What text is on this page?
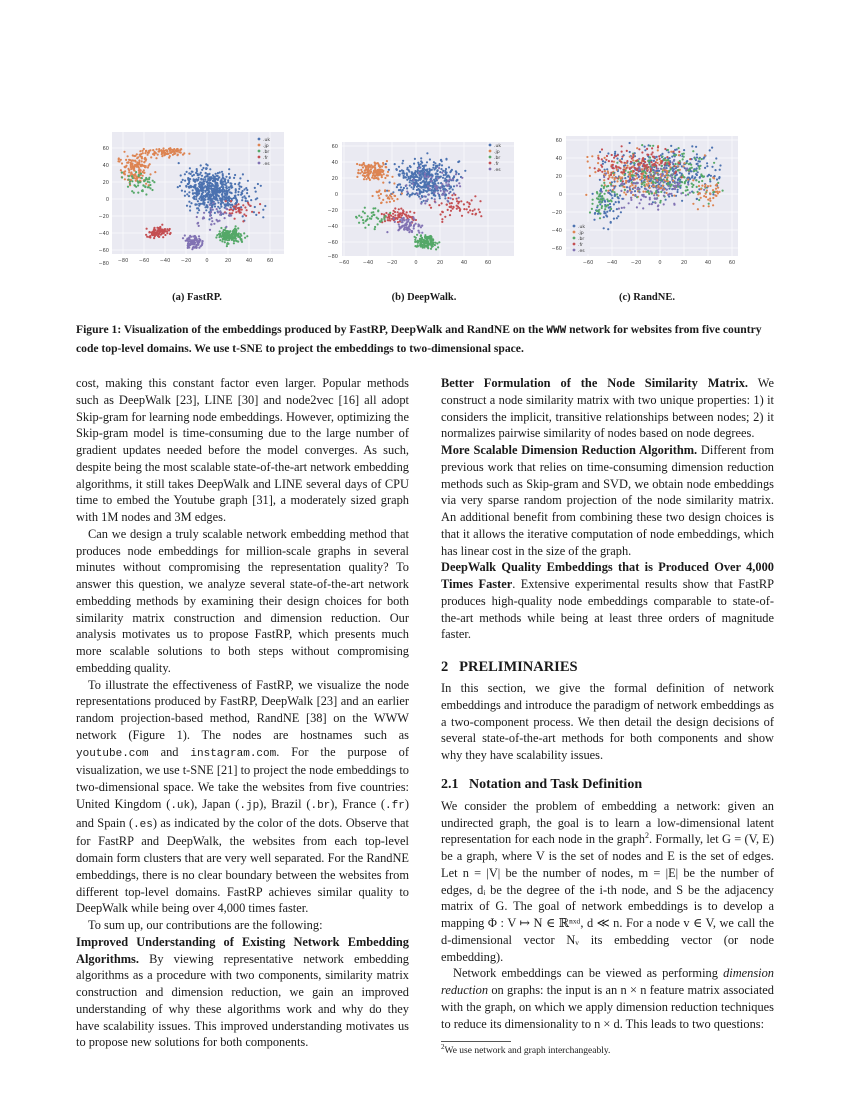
60
40
20
0
−20
−40
−60
−80 −80 −60 −40 −20	0	20	40	60
.uk
.jp
.br
.fr
.es
60
40
20
0
−20
−40
−60
−80
−60	−40	−20	0	20	40	60
.uk
.jp
.br
.fr
.es
60
40
20
0
−20
−40
−60
−60	−40	−20	0	20	40	60
.uk
.jp
.br
.fr
.es
(a) FastRP.	(b) DeepWalk.	(c) RandNE.
Figure 1: Visualization of the embeddings produced by FastRP, DeepWalk and RandNE on the WWW network for websites from five country code top-level domains. We use t-SNE to project the embeddings to two-dimensional space.

cost, making this constant factor even larger. Popular methods such as DeepWalk [23], LINE [30] and node2vec [16] all adopt Skip-gram for learning node embeddings. However, optimizing the Skip-gram model is time-consuming due to the large number of gradient updates needed before the model converges. As such, despite being the most scalable state-of-the-art network embedding algorithms, it still takes DeepWalk and LINE several days of CPU time to embed the Youtube graph [31], a moderately sized graph with 1M nodes and 3M edges.

Can we design a truly scalable network embedding method that produces node embeddings for million-scale graphs in several minutes without compromising the representation quality? To answer this question, we analyze several state-of-the-art network embedding methods by examining their design choices for both similarity matrix construction and dimension reduction. Our analysis motivates us to propose FastRP, which presents much more scalable solutions to both steps without compromising embedding quality.

To illustrate the effectiveness of FastRP, we visualize the node representations produced by FastRP, DeepWalk [23] and an earlier random projection-based method, RandNE [38] on the WWW network (Figure 1). The nodes are hostnames such as youtube.com and instagram.com. For the purpose of visualization, we use t-SNE [21] to project the node embeddings to two-dimensional space. We take the websites from five countries: United Kingdom (.uk), Japan (.jp), Brazil (.br), France (.fr) and Spain (.es) as indicated by the color of the dots. Observe that for FastRP and DeepWalk, the websites from each top-level domain form clusters that are very well separated. For the RandNE embeddings, there is no clear boundary between the websites from different top-level domains. FastRP achieves similar quality to DeepWalk while being over 4,000 times faster.

To sum up, our contributions are the following:

Improved Understanding of Existing Network Embedding Algorithms. By viewing representative network embedding algorithms as a procedure with two components, similarity matrix construction and dimension reduction, we gain an improved understanding of why these algorithms work and why do they have scalability issues. This improved understanding motivates us to propose new solutions for both components.

Better Formulation of the Node Similarity Matrix. We construct a node similarity matrix with two unique properties: 1) it considers the implicit, transitive relationships between nodes; 2) it normalizes pairwise similarity of nodes based on node degrees.

More Scalable Dimension Reduction Algorithm. Different from previous work that relies on time-consuming dimension reduction methods such as Skip-gram and SVD, we obtain node embeddings via very sparse random projection of the node similarity matrix. An additional benefit from combining these two design choices is that it allows the iterative computation of node embeddings, which has linear cost in the size of the graph.

DeepWalk Quality Embeddings that is Produced Over 4,000 Times Faster. Extensive experimental results show that FastRP produces high-quality node embeddings comparable to state-of-the-art methods while being at least three orders of magnitude faster.

2 PRELIMINARIES

In this section, we give the formal definition of network embeddings and introduce the paradigm of network embeddings as a two-component process. We then detail the design decisions of several state-of-the-art methods for both components and show why they have scalability issues.

2.1 Notation and Task Definition

We consider the problem of embedding a network: given an undirected graph, the goal is to learn a low-dimensional latent representation for each node in the graph$^2$. Formally, let G = (V, E) be a graph, where V is the set of nodes and E is the set of edges. Let n = |V| be the number of nodes, m = |E| be the number of edges, dᵢ be the degree of the i-th node, and S be the adjacency matrix of G. The goal of network embeddings is to develop a mapping Φ : V ↦ N ∈ ℝⁿˣᵈ, d ≪ n. For a node v ∈ V, we call the d-dimensional vector Nᵥ its embedding vector (or node embedding).

Network embeddings can be viewed as performing dimension reduction on graphs: the input is an n × n feature matrix associated with the graph, on which we apply dimension reduction techniques to reduce its dimensionality to n × d. This leads to two questions:

$^2$We use network and graph interchangeably.
